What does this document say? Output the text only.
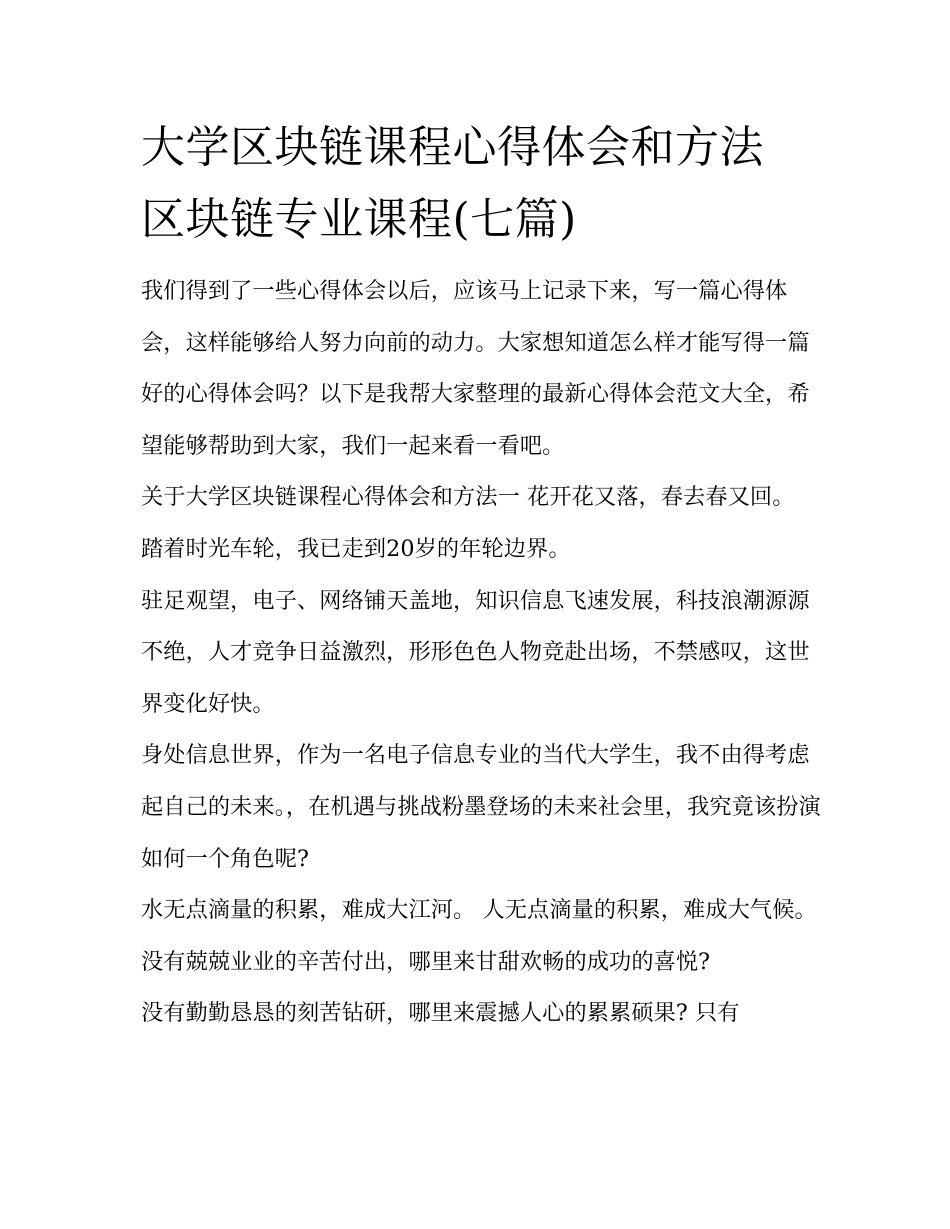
大学区块链课程心得体会和方法 区块链专业课程(七篇)

我们得到了一些心得体会以后，应该马上记录下来，写一篇心得体会，这样能够给人努力向前的动力。大家想知道怎么样才能写得一篇好的心得体会吗？以下是我帮大家整理的最新心得体会范文大全，希望能够帮助到大家，我们一起来看一看吧。

关于大学区块链课程心得体会和方法一 花开花又落，春去春又回。 踏着时光车轮，我已走到20岁的年轮边界。

驻足观望，电子、网络铺天盖地，知识信息飞速发展，科技浪潮源源不绝，人才竞争日益激烈，形形色色人物竞赴出场，不禁感叹，这世界变化好快。

身处信息世界，作为一名电子信息专业的当代大学生，我不由得考虑起自己的未来。，在机遇与挑战粉墨登场的未来社会里，我究竟该扮演如何一个角色呢?

水无点滴量的积累，难成大江河。 人无点滴量的积累，难成大气候。 没有兢兢业业的辛苦付出，哪里来甘甜欢畅的成功的喜悦?

没有勤勤恳恳的刻苦钻研，哪里来震撼人心的累累硕果? 只有
